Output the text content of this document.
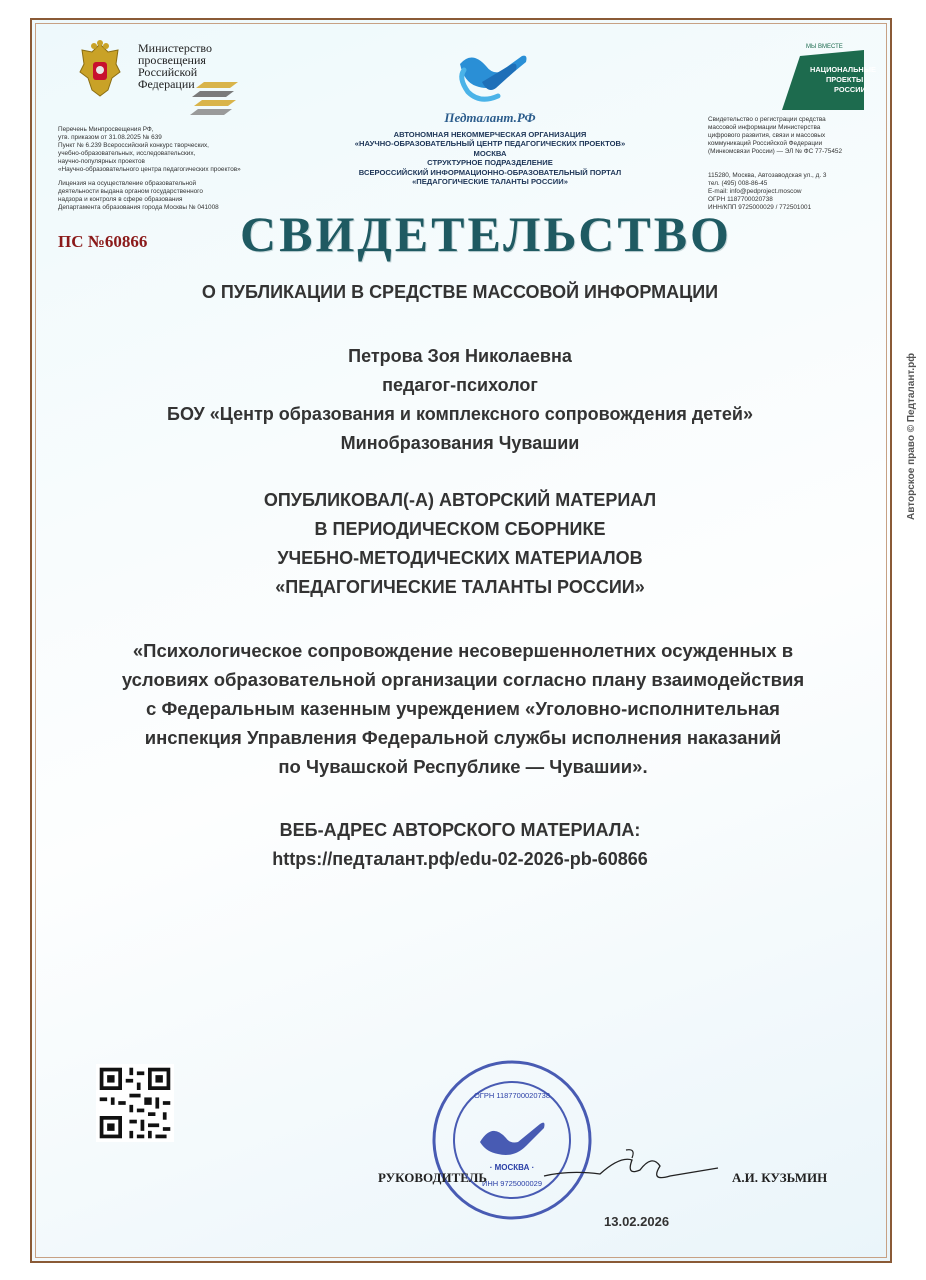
Министерство
просвещения
Российской
Федерации
Перечень Минпросвещения РФ,
утв. приказом от 31.08.2025 № 639
Пункт № 6.239 Всероссийский конкурс творческих,
учебно-образовательных, исследовательских,
научно-популярных проектов
«Научно-образовательного центра педагогических проектов»
Лицензия на осуществление образовательной
деятельности выдана органом государственного
надзора и контроля в сфере образования
Департамента образования города Москвы № 041008
ПС №60866
Педталант.РФ
АВТОНОМНАЯ НЕКОММЕРЧЕСКАЯ ОРГАНИЗАЦИЯ
«НАУЧНО-ОБРАЗОВАТЕЛЬНЫЙ ЦЕНТР ПЕДАГОГИЧЕСКИХ ПРОЕКТОВ»
МОСКВА
СТРУКТУРНОЕ ПОДРАЗДЕЛЕНИЕ
ВСЕРОССИЙСКИЙ ИНФОРМАЦИОННО-ОБРАЗОВАТЕЛЬНЫЙ ПОРТАЛ
«ПЕДАГОГИЧЕСКИЕ ТАЛАНТЫ РОССИИ»
МЫ ВМЕСТЕ
НАЦИОНАЛЬНЫЕ
ПРОЕКТЫ
РОССИИ
Свидетельство о регистрации средства
массовой информации Министерства
цифрового развития, связи и массовых
коммуникаций Российской Федерации
(Минкомсвязи России) — ЭЛ № ФС 77-75452
115280, Москва, Автозаводская ул., д. 3
тел. (495) 008-86-45
E-mail: info@pedproject.moscow
ОГРН 1187700020738
ИНН/КПП 9725000029 / 772501001
СВИДЕТЕЛЬСТВО
О ПУБЛИКАЦИИ В СРЕДСТВЕ МАССОВОЙ ИНФОРМАЦИИ
Петрова Зоя Николаевна
педагог-психолог
БОУ «Центр образования и комплексного сопровождения детей»
Минобразования Чувашии
ОПУБЛИКОВАЛ(-А) АВТОРСКИЙ МАТЕРИАЛ
В ПЕРИОДИЧЕСКОМ СБОРНИКЕ
УЧЕБНО-МЕТОДИЧЕСКИХ МАТЕРИАЛОВ
«ПЕДАГОГИЧЕСКИЕ ТАЛАНТЫ РОССИИ»
«Психологическое сопровождение несовершеннолетних осужденных в
условиях образовательной организации согласно плану взаимодействия
с Федеральным казенным учреждением «Уголовно-исполнительная
инспекция Управления Федеральной службы исполнения наказаний
по Чувашской Республике — Чувашии».
ВЕБ-АДРЕС АВТОРСКОГО МАТЕРИАЛА:
https://педталант.рф/edu-02-2026-pb-60866
ОГРН 1187700020738
· МОСКВА ·
ИНН 9725000029
РУКОВОДИТЕЛЬ	А.И. КУЗЬМИН
13.02.2026
Авторское право © Педталант.рф
